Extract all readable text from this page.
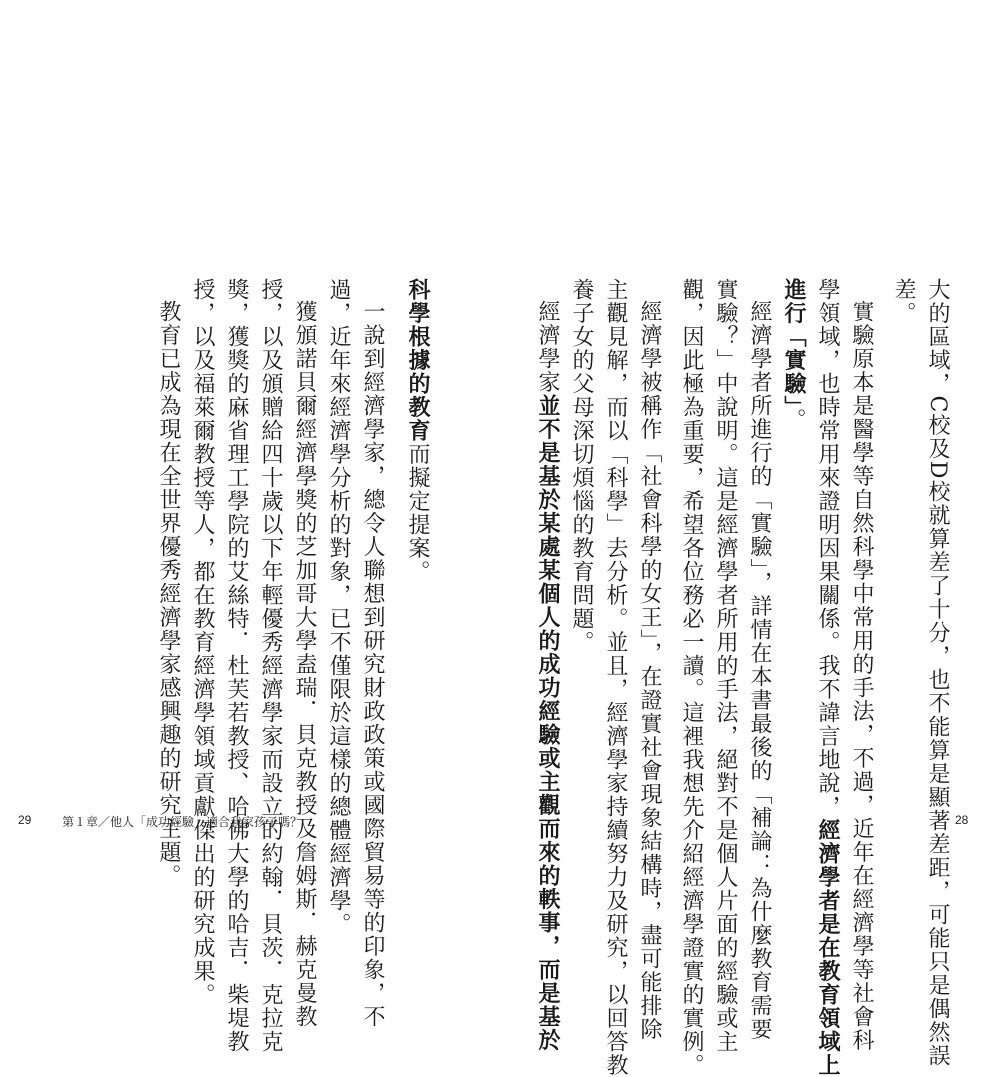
大的區域，C校及D校就算差了十分，也不能算是顯著差距，可能只是偶然誤
差。
實驗原本是醫學等自然科學中常用的手法，不過，近年在經濟學等社會科
學領域，也時常用來證明因果關係。我不諱言地說，經濟學者是在教育領域上
進行「實驗」。
經濟學者所進行的「實驗」，詳情在本書最後的「補論：為什麼教育需要
實驗？」中說明。這是經濟學者所用的手法，絕對不是個人片面的經驗或主
觀，因此極為重要，希望各位務必一讀。這裡我想先介紹經濟學證實的實例。
經濟學被稱作「社會科學的女王」，在證實社會現象結構時，盡可能排除
主觀見解，而以「科學」去分析。並且，經濟學家持續努力及研究，以回答教
養子女的父母深切煩惱的教育問題。
經濟學家並不是基於某處某個人的成功經驗或主觀而來的軼事，而是基於
科學根據的教育而擬定提案。
一說到經濟學家，總令人聯想到研究財政政策或國際貿易等的印象，不
過，近年來經濟學分析的對象，已不僅限於這樣的總體經濟學。
獲頒諾貝爾經濟學獎的芝加哥大學盍瑞．貝克教授及詹姆斯．赫克曼教
授，以及頒贈給四十歲以下年輕優秀經濟學家而設立的約翰．貝茨．克拉克
獎，獲獎的麻省理工學院的艾絲特．杜芙若教授、哈佛大學的哈吉．柴堤教
授，以及福萊爾教授等人，都在教育經濟學領域貢獻傑出的研究成果。
教育已成為現在全世界優秀經濟學家感興趣的研究主題。
29	第１章／他人「成功經驗」適合我家孩子嗎？	28
